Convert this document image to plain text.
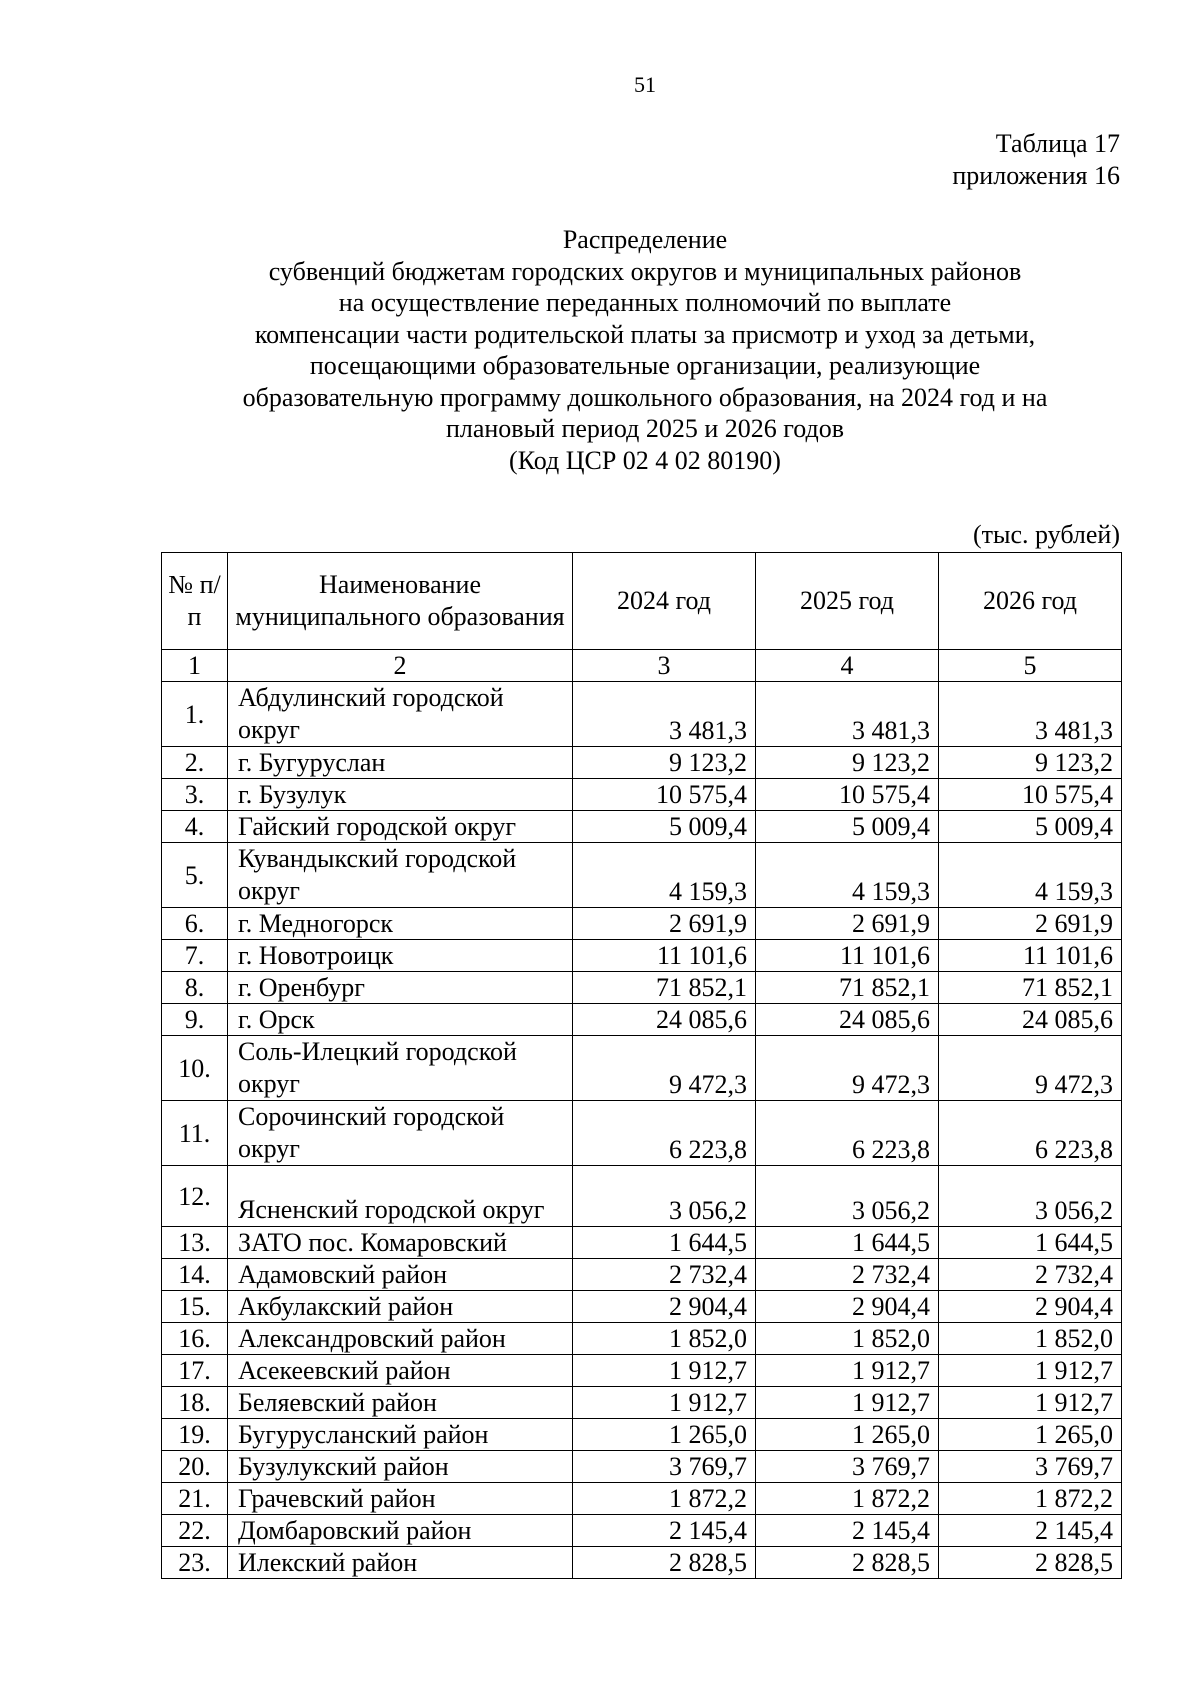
51
Таблица 17
приложения 16
Распределение
субвенций бюджетам городских округов и муниципальных районов
на осуществление переданных полномочий по выплате
компенсации части родительской платы за присмотр и уход за детьми,
посещающими образовательные организации, реализующие
образовательную программу дошкольного образования, на 2024 год и на
плановый период 2025 и 2026 годов
(Код ЦСР 02 4 02 80190)
(тыс. рублей)
№ п/п	Наименование муниципального образования	2024 год	2025 год	2026 год
1	2	3	4	5
1.	Абдулинский городской округ	3 481,3	3 481,3	3 481,3
2.	г. Бугуруслан	9 123,2	9 123,2	9 123,2
3.	г. Бузулук	10 575,4	10 575,4	10 575,4
4.	Гайский городской округ	5 009,4	5 009,4	5 009,4
5.	Кувандыкский городской округ	4 159,3	4 159,3	4 159,3
6.	г. Медногорск	2 691,9	2 691,9	2 691,9
7.	г. Новотроицк	11 101,6	11 101,6	11 101,6
8.	г. Оренбург	71 852,1	71 852,1	71 852,1
9.	г. Орск	24 085,6	24 085,6	24 085,6
10.	Соль-Илецкий городской округ	9 472,3	9 472,3	9 472,3
11.	Сорочинский городской округ	6 223,8	6 223,8	6 223,8
12.	Ясненский городской округ	3 056,2	3 056,2	3 056,2
13.	ЗАТО пос. Комаровский	1 644,5	1 644,5	1 644,5
14.	Адамовский район	2 732,4	2 732,4	2 732,4
15.	Акбулакский район	2 904,4	2 904,4	2 904,4
16.	Александровский район	1 852,0	1 852,0	1 852,0
17.	Асекеевский район	1 912,7	1 912,7	1 912,7
18.	Беляевский район	1 912,7	1 912,7	1 912,7
19.	Бугурусланский район	1 265,0	1 265,0	1 265,0
20.	Бузулукский район	3 769,7	3 769,7	3 769,7
21.	Грачевский район	1 872,2	1 872,2	1 872,2
22.	Домбаровский район	2 145,4	2 145,4	2 145,4
23.	Илекский район	2 828,5	2 828,5	2 828,5
